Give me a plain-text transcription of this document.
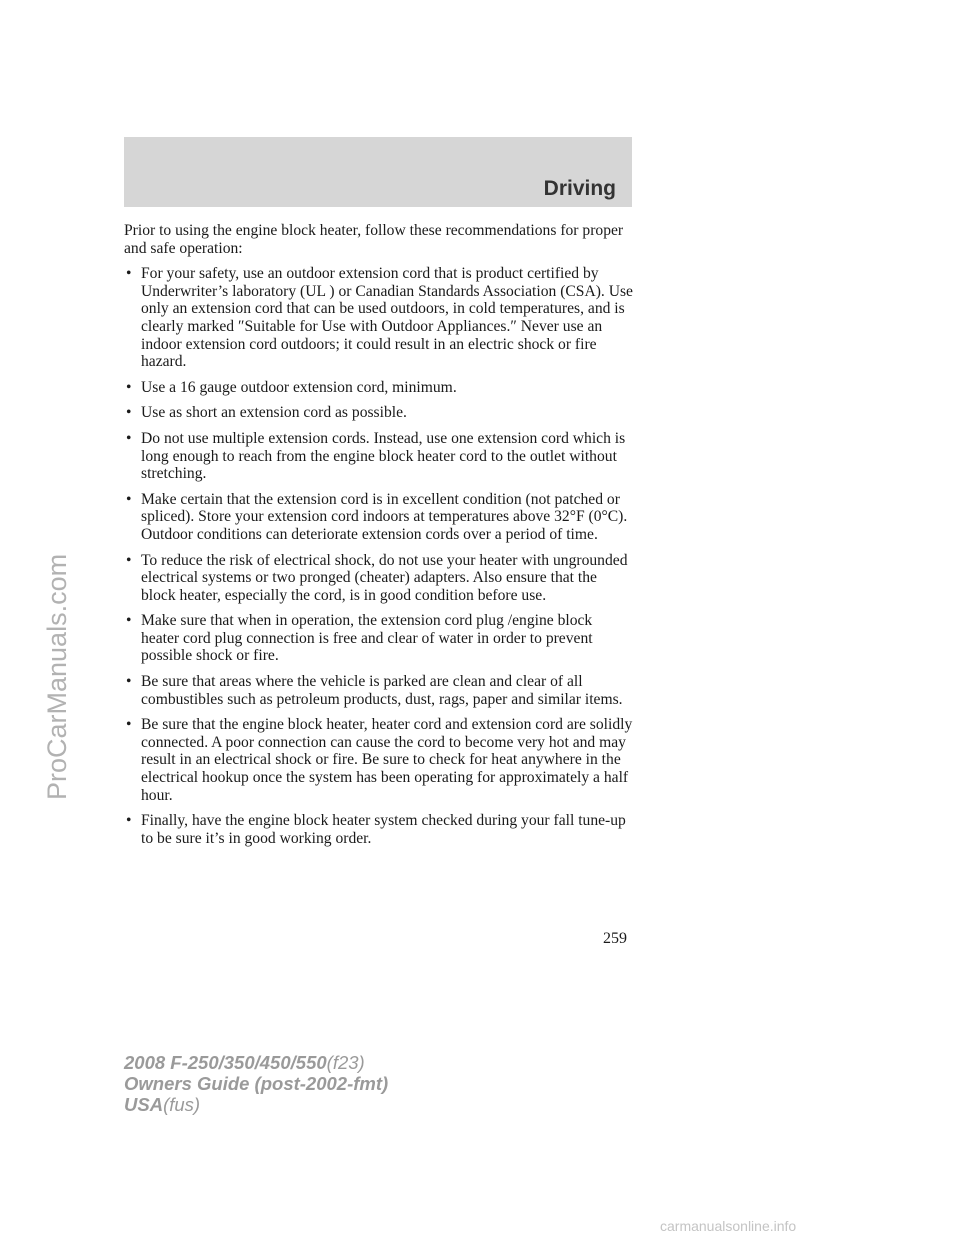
Driving

Prior to using the engine block heater, follow these recommendations for proper and safe operation:

• For your safety, use an outdoor extension cord that is product certified by Underwriter’s laboratory (UL ) or Canadian Standards Association (CSA). Use only an extension cord that can be used outdoors, in cold temperatures, and is clearly marked ″Suitable for Use with Outdoor Appliances.″ Never use an indoor extension cord outdoors; it could result in an electric shock or fire hazard.
• Use a 16 gauge outdoor extension cord, minimum.
• Use as short an extension cord as possible.
• Do not use multiple extension cords. Instead, use one extension cord which is long enough to reach from the engine block heater cord to the outlet without stretching.
• Make certain that the extension cord is in excellent condition (not patched or spliced). Store your extension cord indoors at temperatures above 32°F (0°C). Outdoor conditions can deteriorate extension cords over a period of time.
• To reduce the risk of electrical shock, do not use your heater with ungrounded electrical systems or two pronged (cheater) adapters. Also ensure that the block heater, especially the cord, is in good condition before use.
• Make sure that when in operation, the extension cord plug /engine block heater cord plug connection is free and clear of water in order to prevent possible shock or fire.
• Be sure that areas where the vehicle is parked are clean and clear of all combustibles such as petroleum products, dust, rags, paper and similar items.
• Be sure that the engine block heater, heater cord and extension cord are solidly connected. A poor connection can cause the cord to become very hot and may result in an electrical shock or fire. Be sure to check for heat anywhere in the electrical hookup once the system has been operating for approximately a half hour.
• Finally, have the engine block heater system checked during your fall tune-up to be sure it’s in good working order.
259
ProCarManuals.com
2008 F-250/350/450/550(f23)
Owners Guide (post-2002-fmt)
USA(fus)
carmanualsonline.info
